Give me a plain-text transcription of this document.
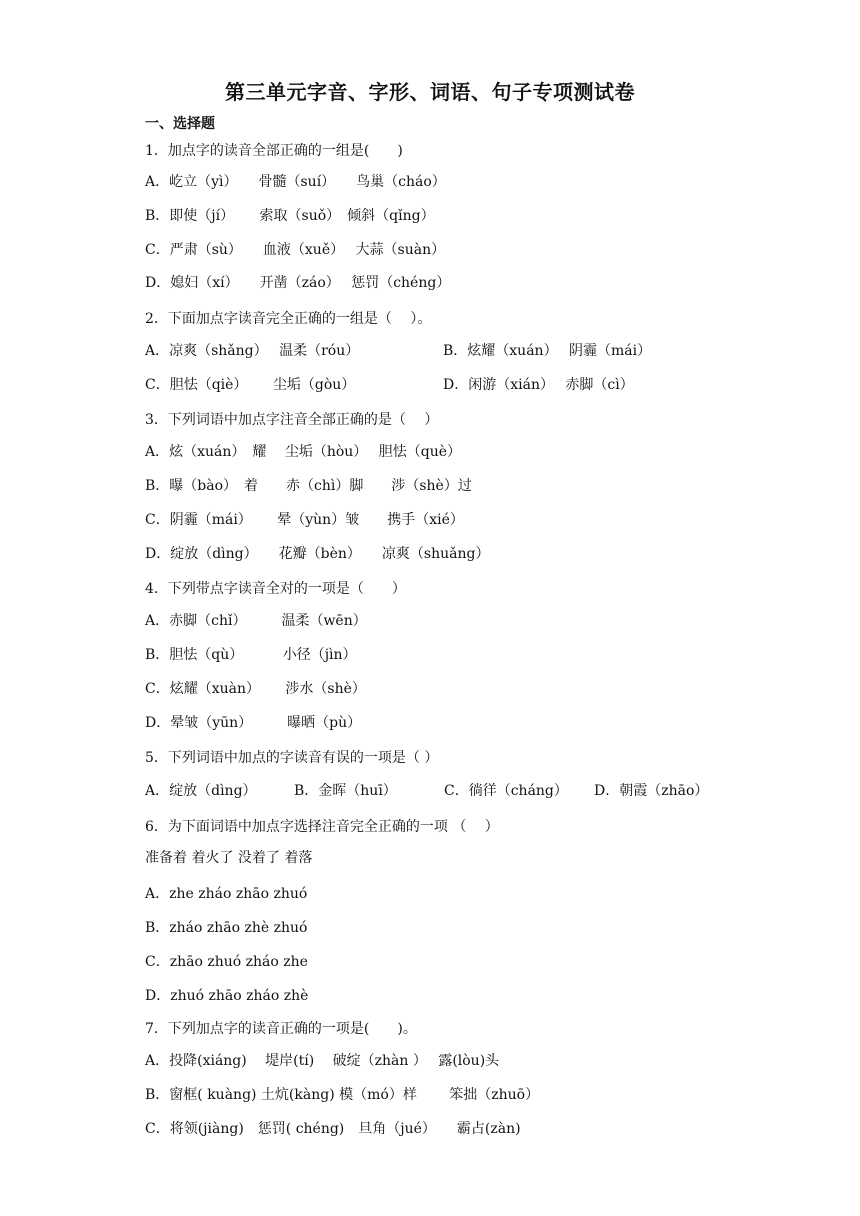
第三单元字音、字形、词语、句子专项测试卷
一、选择题
1．加点字的读音全部正确的一组是(　　)
A．屹立（yì）　　骨髓（suí）　　鸟巢（cháo）
B．即使（jí）　　 索取（suǒ）　倾斜（qǐng）
C．严肃（sù）　　血液（xuě）　 大蒜（suàn）
D．媳妇（xí）　　开凿（záo）　 惩罚（chéng）
2．下面加点字读音完全正确的一组是（　 ）。
A．凉爽（shǎng）　 温柔（róu）	B．炫耀（xuán）　 阴霾（mái）
C．胆怯（qiè）　　 尘垢（gòu）	D．闲游（xián）　 赤脚（cì）
3．下列词语中加点字注音全部正确的是（　 ）
A．炫（xuán）　耀　 尘垢（hòu）　 胆怯（què）
B．曝（bào）　着　　赤（chì）脚　　涉（shè）过
C．阴霾（mái）　　 晕（yùn）皱　　携手（xié）
D．绽放（dìng）　　花瓣（bèn）　　凉爽（shuǎng）
4．下列带点字读音全对的一项是（　　）
A．赤脚（chǐ）　　　温柔（wēn）
B．胆怯（qù）　　　 小径（jìn）
C．炫耀（xuàn）　　 涉水（shè）
D．晕皱（yūn）　　　曝晒（pù）
5．下列词语中加点的字读音有误的一项是（ ）
A．绽放（dìng）	B．金晖（huī）	C．徜徉（cháng） D．朝霞（zhāo）
6．为下面词语中加点字选择注音完全正确的一项 （　 ）
准备着 着火了 没着了 着落
A．zhe zháo zhāo zhuó
B．zháo zhāo zhè zhuó
C．zhāo zhuó zháo zhe
D．zhuó zhāo zháo zhè
7．下列加点字的读音正确的一项是(　　)。
A．投降(xiáng)　 堤岸(tí)　 破绽（zhàn ）　 露(lòu)头
B．窗框( kuàng) 土炕(kàng) 模（mó）样　　 笨拙（zhuō）
C．将领(jiàng)　惩罚( chéng)　旦角（jué）　　霸占(zàn)
